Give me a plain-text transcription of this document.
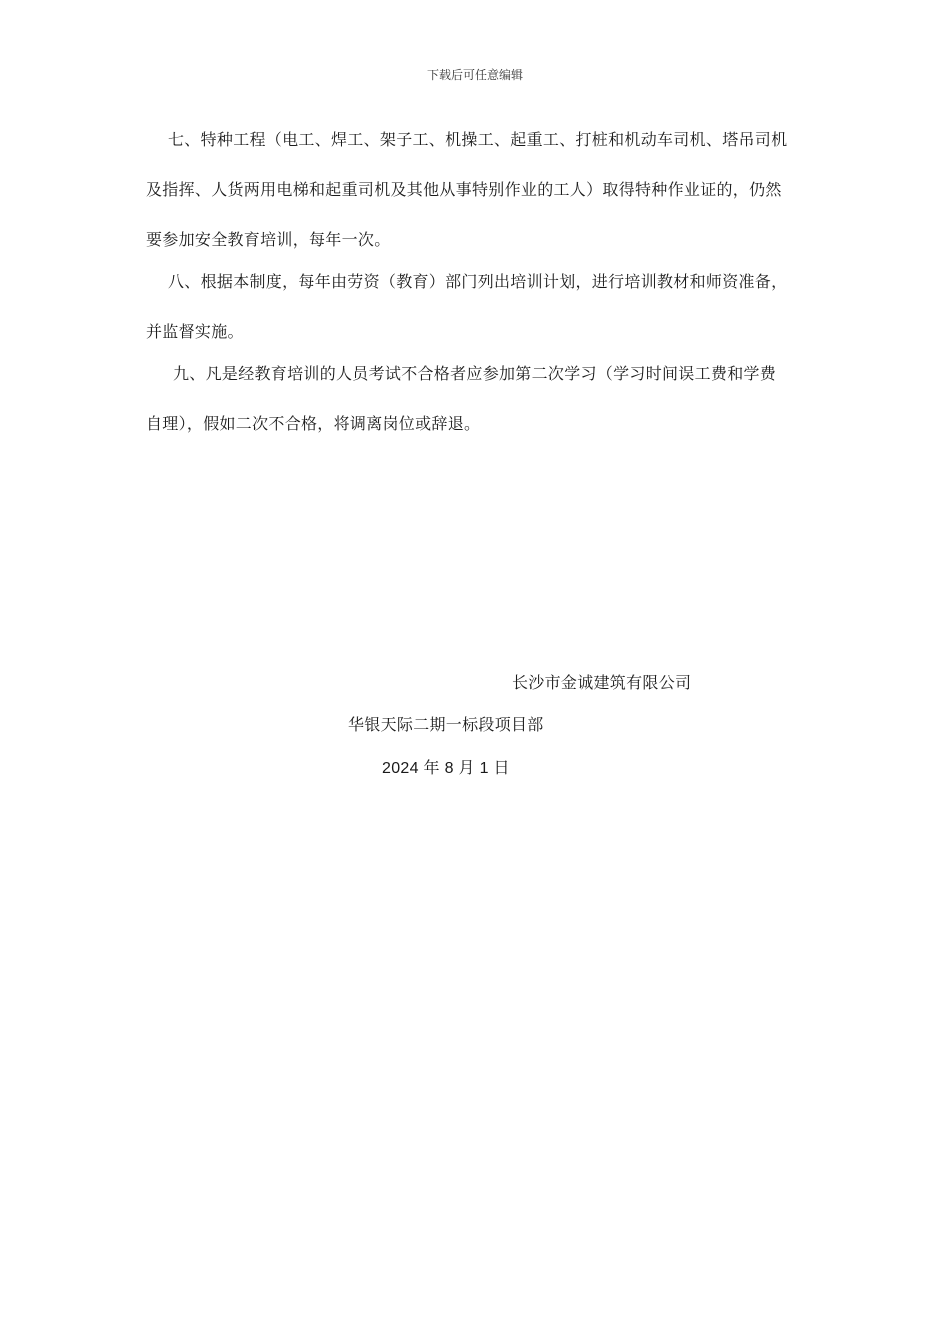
下载后可任意编辑
七、特种工程（电工、焊工、架子工、机操工、起重工、打桩和机动车司机、塔吊司机
及指挥、人货两用电梯和起重司机及其他从事特别作业的工人）取得特种作业证的，仍然
要参加安全教育培训，每年一次。
八、根据本制度，每年由劳资（教育）部门列出培训计划，进行培训教材和师资准备，
并监督实施。
九、凡是经教育培训的人员考试不合格者应参加第二次学习（学习时间误工费和学费
自理），假如二次不合格，将调离岗位或辞退。
长沙市金诚建筑有限公司
华银天际二期一标段项目部
2024 年 8 月 1 日
